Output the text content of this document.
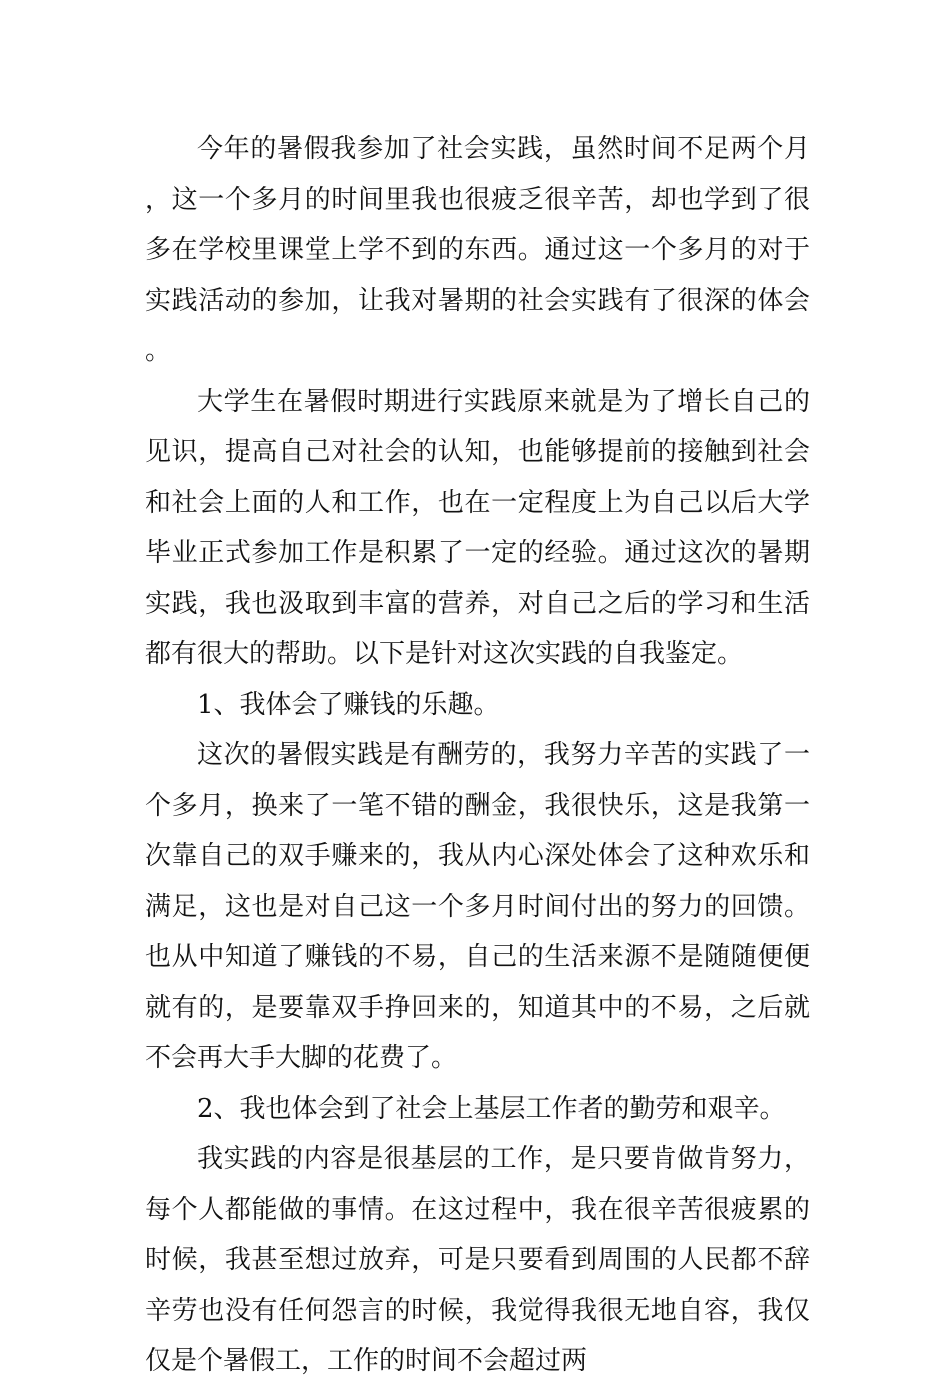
今年的暑假我参加了社会实践，虽然时间不足两个月，这一个多月的时间里我也很疲乏很辛苦，却也学到了很多在学校里课堂上学不到的东西。通过这一个多月的对于实践活动的参加，让我对暑期的社会实践有了很深的体会。

大学生在暑假时期进行实践原来就是为了增长自己的见识，提高自己对社会的认知，也能够提前的接触到社会和社会上面的人和工作，也在一定程度上为自己以后大学毕业正式参加工作是积累了一定的经验。通过这次的暑期实践，我也汲取到丰富的营养，对自己之后的学习和生活都有很大的帮助。以下是针对这次实践的自我鉴定。

1、我体会了赚钱的乐趣。

这次的暑假实践是有酬劳的，我努力辛苦的实践了一个多月，换来了一笔不错的酬金，我很快乐，这是我第一次靠自己的双手赚来的，我从内心深处体会了这种欢乐和满足，这也是对自己这一个多月时间付出的努力的回馈。也从中知道了赚钱的不易，自己的生活来源不是随随便便就有的，是要靠双手挣回来的，知道其中的不易，之后就不会再大手大脚的花费了。

2、我也体会到了社会上基层工作者的勤劳和艰辛。

我实践的内容是很基层的工作，是只要肯做肯努力，每个人都能做的事情。在这过程中，我在很辛苦很疲累的时候，我甚至想过放弃，可是只要看到周围的人民都不辞辛劳也没有任何怨言的时候，我觉得我很无地自容，我仅仅是个暑假工，工作的时间不会超过两
